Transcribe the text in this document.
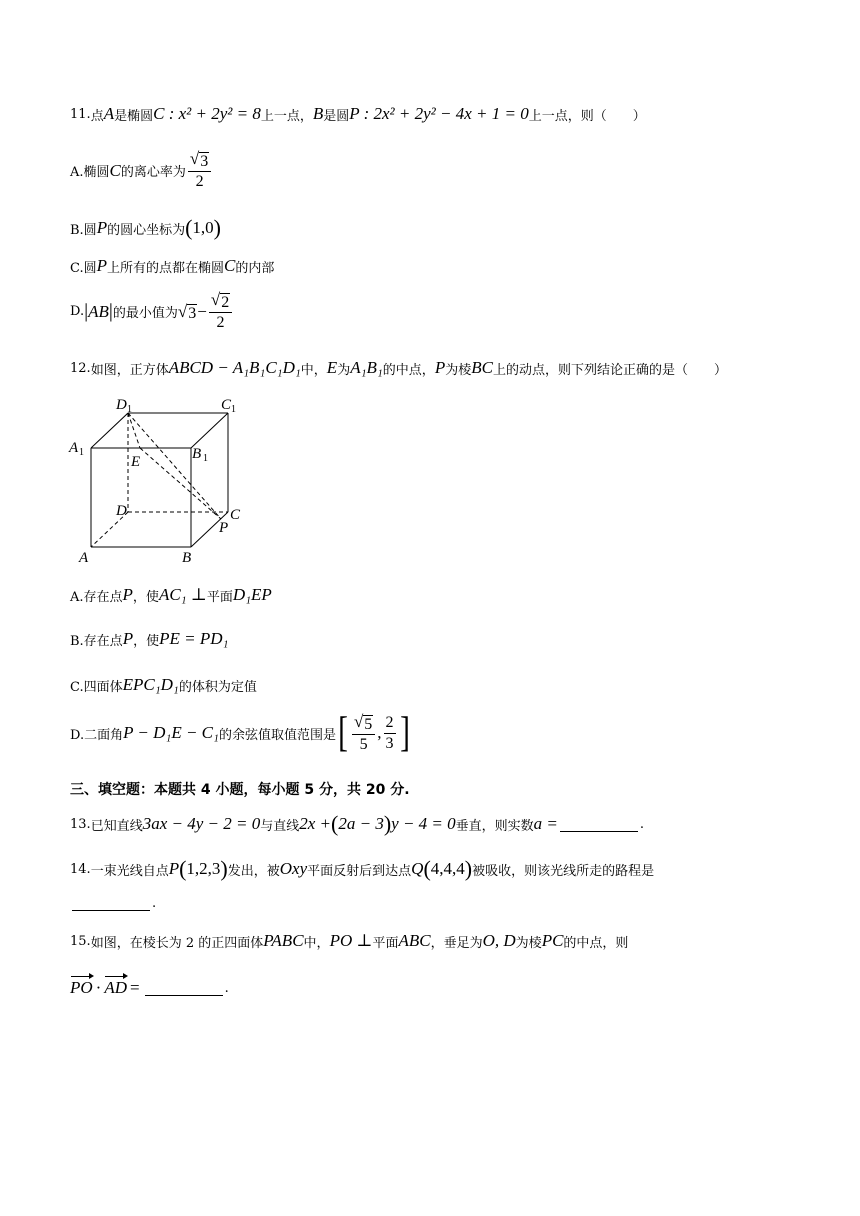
11. 点 A 是椭圆 C : x² + 2y² = 8 上一点， B 是圆 P : 2x² + 2y² − 4x + 1 = 0 上一点，则（　　）
A.椭圆 C 的离心率为 $\frac{√ 3}{2}$
B.圆 P 的圆心坐标为 ( 1,0 )
C.圆 P 上所有的点都在椭圆 C 的内部
D. | AB | 的最小值为 √ $3 - \frac{√ 2}{2}$
12. 如图，正方体 ABCD − A₁B₁C₁D₁ 中， E 为 A₁B₁ 的中点， P 为棱 BC 上的动点，则下列结论正确的是（　　）
D 1	C 1
A 1	B 1
E
D	C
P
A	B
A.存在点 P ，使 AC₁ ⊥ 平面 D₁EP
B.存在点 P ，使 PE = PD₁
C.四面体 EPC₁D₁ 的体积为定值
D.二面角 P − D₁E − C₁ 的余弦值取值范围是 [ $\frac{√ 5}{5}$ , $\frac{2}{3}$ ]
三、填空题：本题共 4 小题，每小题 5 分，共 20 分.
13. 已知直线 3ax − 4y − 2 = 0 与直线 2x + ( 2a − 3 ) y − 4 = 0 垂直，则实数 a =	.
14. 一束光线自点 P ( 1,2,3 ) 发出，被 Oxy 平面反射后到达点 Q ( 4,4,4 ) 被吸收，则该光线所走的路程是
.
15. 如图，在棱长为 2 的正四面体 PABC 中， PO ⊥ 平面 ABC ，垂足为 O, D 为棱 PC 的中点，则
PO · AD =	.
